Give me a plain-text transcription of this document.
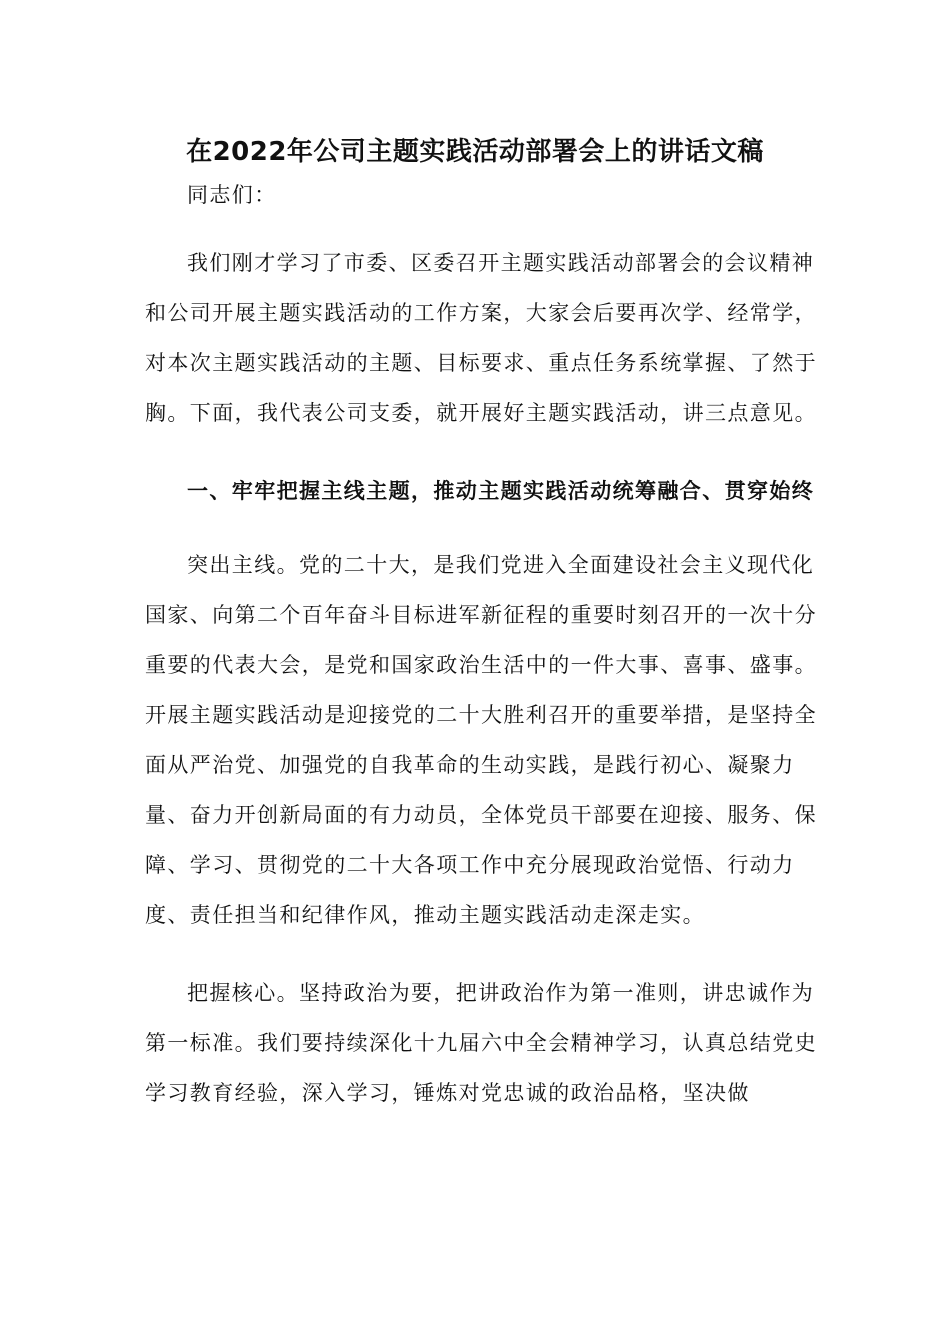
在2022年公司主题实践活动部署会上的讲话文稿

同志们：

我们刚才学习了市委、区委召开主题实践活动部署会的会议精神和公司开展主题实践活动的工作方案，大家会后要再次学、经常学，对本次主题实践活动的主题、目标要求、重点任务系统掌握、了然于胸。下面，我代表公司支委，就开展好主题实践活动，讲三点意见。

一、牢牢把握主线主题，推动主题实践活动统筹融合、贯穿始终

突出主线。党的二十大，是我们党进入全面建设社会主义现代化国家、向第二个百年奋斗目标进军新征程的重要时刻召开的一次十分重要的代表大会，是党和国家政治生活中的一件大事、喜事、盛事。开展主题实践活动是迎接党的二十大胜利召开的重要举措，是坚持全面从严治党、加强党的自我革命的生动实践，是践行初心、凝聚力量、奋力开创新局面的有力动员，全体党员干部要在迎接、服务、保障、学习、贯彻党的二十大各项工作中充分展现政治觉悟、行动力度、责任担当和纪律作风，推动主题实践活动走深走实。

把握核心。坚持政治为要，把讲政治作为第一准则，讲忠诚作为第一标准。我们要持续深化十九届六中全会精神学习，认真总结党史学习教育经验，深入学习，锤炼对党忠诚的政治品格，坚决做
